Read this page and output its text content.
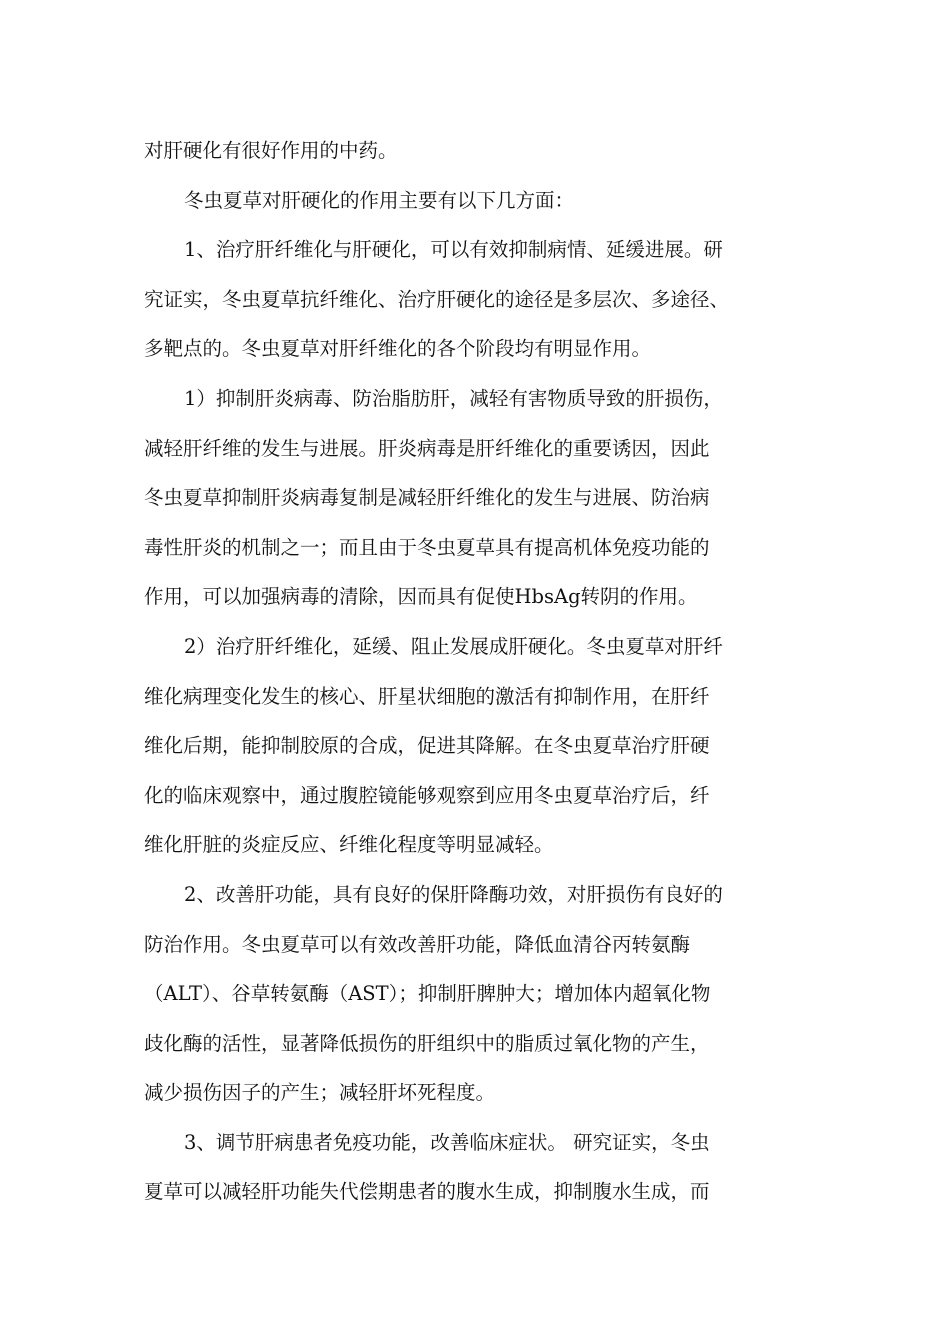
对肝硬化有很好作用的中药。
冬虫夏草对肝硬化的作用主要有以下几方面：
1、治疗肝纤维化与肝硬化，可以有效抑制病情、延缓进展。研
究证实，冬虫夏草抗纤维化、治疗肝硬化的途径是多层次、多途径、
多靶点的。冬虫夏草对肝纤维化的各个阶段均有明显作用。
1）抑制肝炎病毒、防治脂肪肝，减轻有害物质导致的肝损伤，
减轻肝纤维的发生与进展。肝炎病毒是肝纤维化的重要诱因，因此
冬虫夏草抑制肝炎病毒复制是减轻肝纤维化的发生与进展、防治病
毒性肝炎的机制之一；而且由于冬虫夏草具有提高机体免疫功能的
作用，可以加强病毒的清除，因而具有促使HbsAg转阴的作用。
2）治疗肝纤维化，延缓、阻止发展成肝硬化。冬虫夏草对肝纤
维化病理变化发生的核心、肝星状细胞的激活有抑制作用，在肝纤
维化后期，能抑制胶原的合成，促进其降解。在冬虫夏草治疗肝硬
化的临床观察中，通过腹腔镜能够观察到应用冬虫夏草治疗后，纤
维化肝脏的炎症反应、纤维化程度等明显减轻。
2、改善肝功能，具有良好的保肝降酶功效，对肝损伤有良好的
防治作用。冬虫夏草可以有效改善肝功能，降低血清谷丙转氨酶
（ALT）、谷草转氨酶（AST）；抑制肝脾肿大；增加体内超氧化物
歧化酶的活性，显著降低损伤的肝组织中的脂质过氧化物的产生，
减少损伤因子的产生；减轻肝坏死程度。
3、调节肝病患者免疫功能，改善临床症状。 研究证实，冬虫
夏草可以减轻肝功能失代偿期患者的腹水生成，抑制腹水生成，而
